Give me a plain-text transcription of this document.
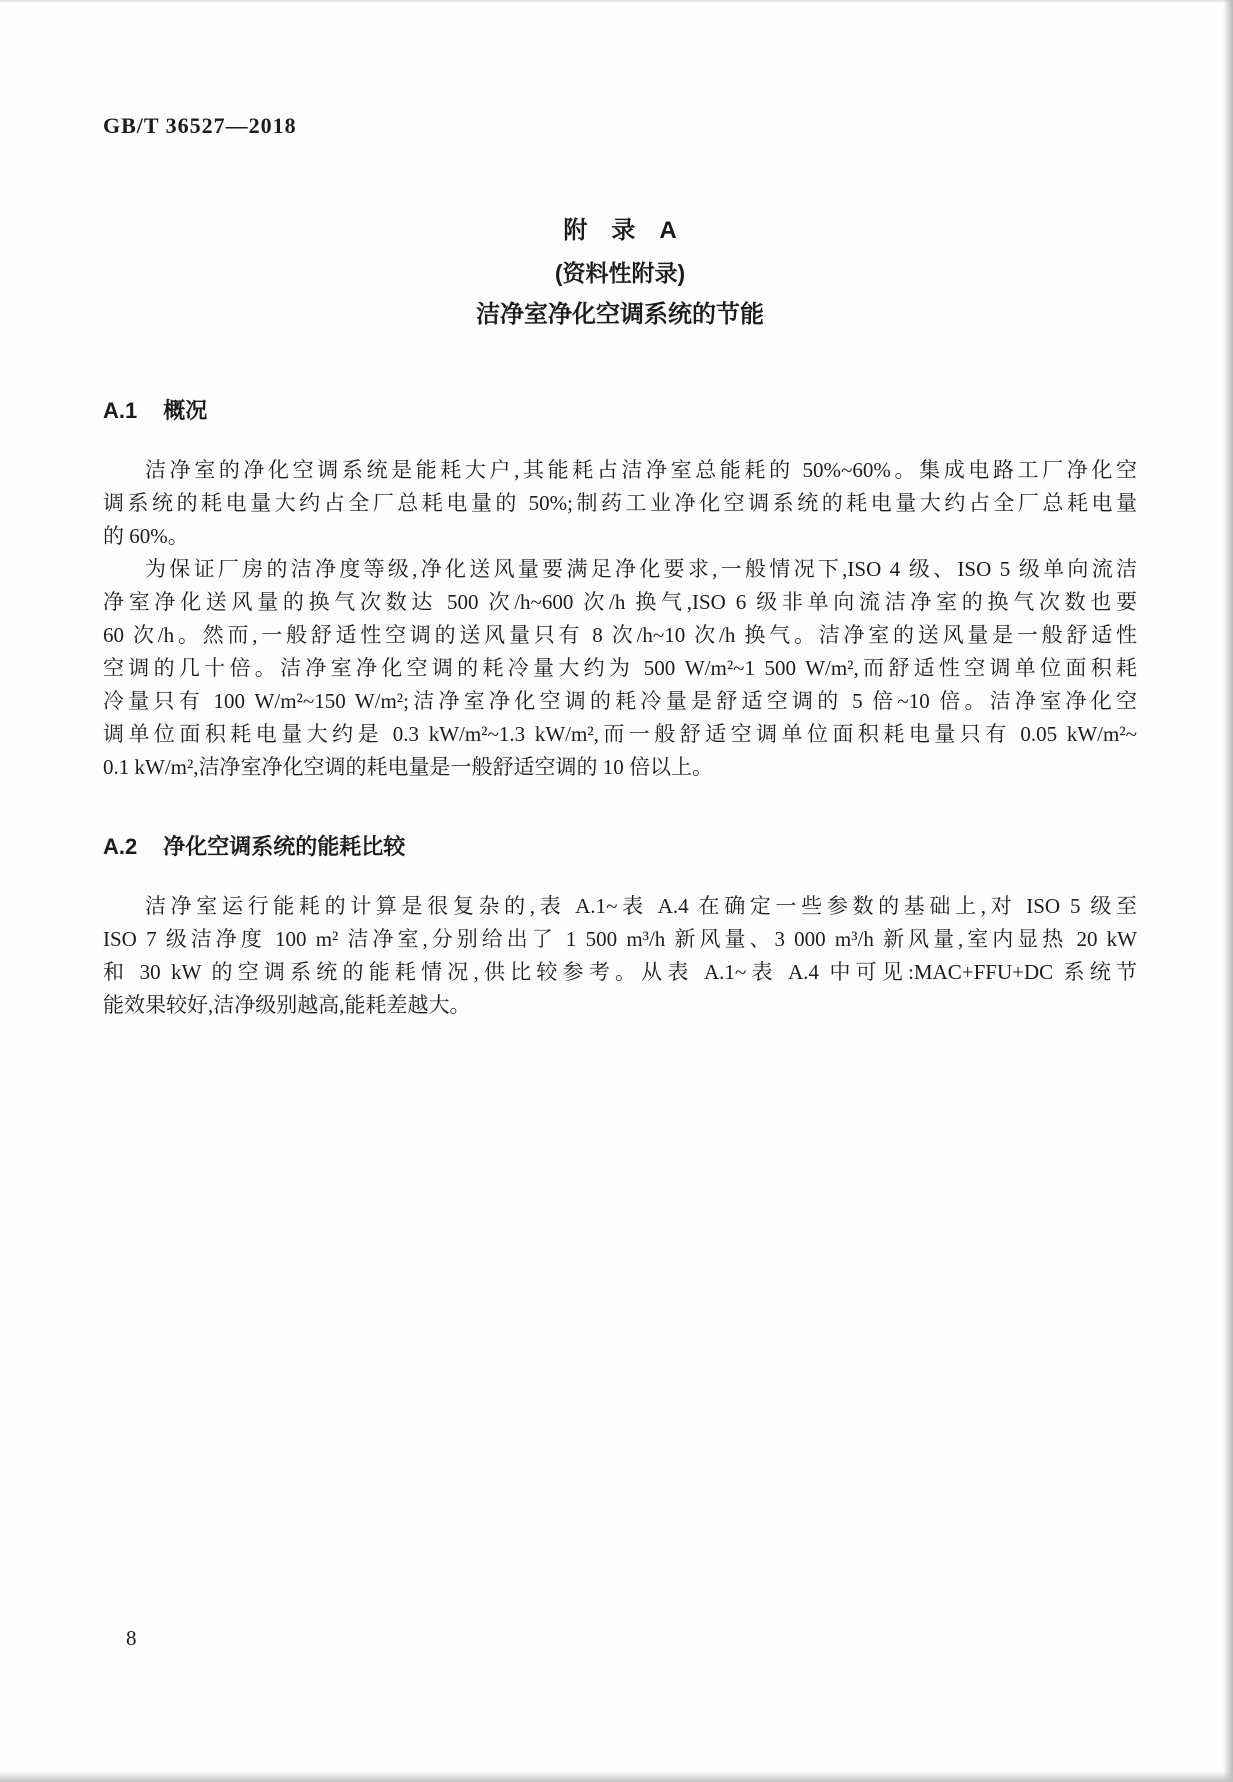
GB/T 36527—2018
附　录　A
(资料性附录)
洁净室净化空调系统的节能
A.1 概况
洁净室的净化空调系统是能耗大户,其能耗占洁净室总能耗的 50%~60%。集成电路工厂净化空
调系统的耗电量大约占全厂总耗电量的 50%;制药工业净化空调系统的耗电量大约占全厂总耗电量
的 60%。
为保证厂房的洁净度等级,净化送风量要满足净化要求,一般情况下,ISO 4 级、ISO 5 级单向流洁
净室净化送风量的换气次数达 500 次/h~600 次/h 换气,ISO 6 级非单向流洁净室的换气次数也要
60 次/h。然而,一般舒适性空调的送风量只有 8 次/h~10 次/h 换气。洁净室的送风量是一般舒适性
空调的几十倍。洁净室净化空调的耗冷量大约为 500 W/m²~1 500 W/m²,而舒适性空调单位面积耗
冷量只有 100 W/m²~150 W/m²;洁净室净化空调的耗冷量是舒适空调的 5 倍~10 倍。洁净室净化空
调单位面积耗电量大约是 0.3 kW/m²~1.3 kW/m²,而一般舒适空调单位面积耗电量只有 0.05 kW/m²~
0.1 kW/m²,洁净室净化空调的耗电量是一般舒适空调的 10 倍以上。
A.2 净化空调系统的能耗比较
洁净室运行能耗的计算是很复杂的,表 A.1~表 A.4 在确定一些参数的基础上,对 ISO 5 级至
ISO 7 级洁净度 100 m² 洁净室,分别给出了 1 500 m³/h 新风量、3 000 m³/h 新风量,室内显热 20 kW
和 30 kW 的空调系统的能耗情况,供比较参考。从表 A.1~表 A.4 中可见:MAC+FFU+DC 系统节
能效果较好,洁净级别越高,能耗差越大。
8
